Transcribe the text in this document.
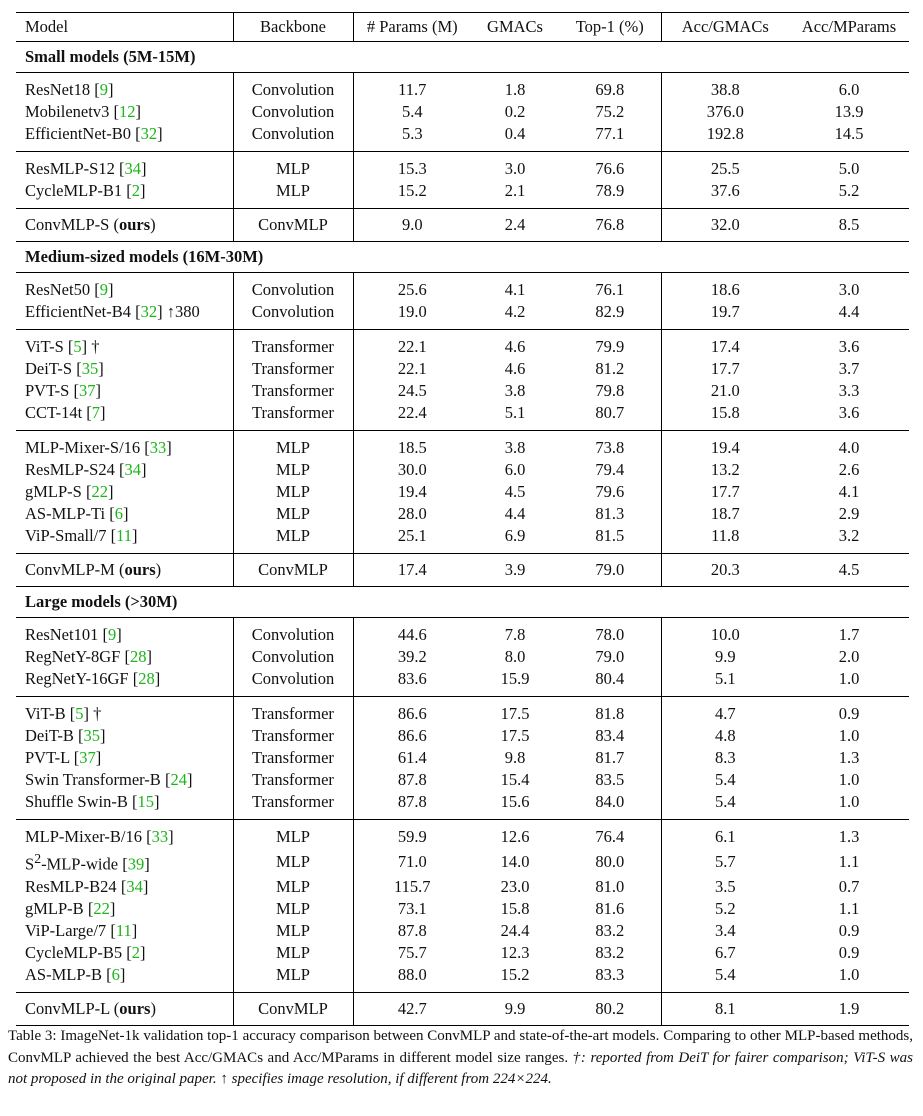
Model	Backbone	# Params (M)	GMACs	Top-1 (%)	Acc/GMACs	Acc/MParams
Small models (5M-15M)						
ResNet18 [9]	Convolution	11.7	1.8	69.8	38.8	6.0
Mobilenetv3 [12]	Convolution	5.4	0.2	75.2	376.0	13.9
EfficientNet-B0 [32]	Convolution	5.3	0.4	77.1	192.8	14.5
ResMLP-S12 [34]	MLP	15.3	3.0	76.6	25.5	5.0
CycleMLP-B1 [2]	MLP	15.2	2.1	78.9	37.6	5.2
ConvMLP-S (ours)	ConvMLP	9.0	2.4	76.8	32.0	8.5
Medium-sized models (16M-30M)						
ResNet50 [9]	Convolution	25.6	4.1	76.1	18.6	3.0
EfficientNet-B4 [32] ↑380	Convolution	19.0	4.2	82.9	19.7	4.4
ViT-S [5] †	Transformer	22.1	4.6	79.9	17.4	3.6
DeiT-S [35]	Transformer	22.1	4.6	81.2	17.7	3.7
PVT-S [37]	Transformer	24.5	3.8	79.8	21.0	3.3
CCT-14t [7]	Transformer	22.4	5.1	80.7	15.8	3.6
MLP-Mixer-S/16 [33]	MLP	18.5	3.8	73.8	19.4	4.0
ResMLP-S24 [34]	MLP	30.0	6.0	79.4	13.2	2.6
gMLP-S [22]	MLP	19.4	4.5	79.6	17.7	4.1
AS-MLP-Ti [6]	MLP	28.0	4.4	81.3	18.7	2.9
ViP-Small/7 [11]	MLP	25.1	6.9	81.5	11.8	3.2
ConvMLP-M (ours)	ConvMLP	17.4	3.9	79.0	20.3	4.5
Large models (>30M)						
ResNet101 [9]	Convolution	44.6	7.8	78.0	10.0	1.7
RegNetY-8GF [28]	Convolution	39.2	8.0	79.0	9.9	2.0
RegNetY-16GF [28]	Convolution	83.6	15.9	80.4	5.1	1.0
ViT-B [5] †	Transformer	86.6	17.5	81.8	4.7	0.9
DeiT-B [35]	Transformer	86.6	17.5	83.4	4.8	1.0
PVT-L [37]	Transformer	61.4	9.8	81.7	8.3	1.3
Swin Transformer-B [24]	Transformer	87.8	15.4	83.5	5.4	1.0
Shuffle Swin-B [15]	Transformer	87.8	15.6	84.0	5.4	1.0
MLP-Mixer-B/16 [33]	MLP	59.9	12.6	76.4	6.1	1.3
$S^2-MLP$-wide [39]	MLP	71.0	14.0	80.0	5.7	1.1
ResMLP-B24 [34]	MLP	115.7	23.0	81.0	3.5	0.7
gMLP-B [22]	MLP	73.1	15.8	81.6	5.2	1.1
ViP-Large/7 [11]	MLP	87.8	24.4	83.2	3.4	0.9
CycleMLP-B5 [2]	MLP	75.7	12.3	83.2	6.7	0.9
AS-MLP-B [6]	MLP	88.0	15.2	83.3	5.4	1.0
ConvMLP-L (ours)	ConvMLP	42.7	9.9	80.2	8.1	1.9
Table 3: ImageNet-1k validation top-1 accuracy comparison between ConvMLP and state-of-the-art models. Comparing to other MLP-based methods, ConvMLP achieved the best Acc/GMACs and Acc/MParams in different model size ranges. †: reported from DeiT for fairer comparison; ViT-S was not proposed in the original paper. ↑ specifies image resolution, if different from 224×224.
